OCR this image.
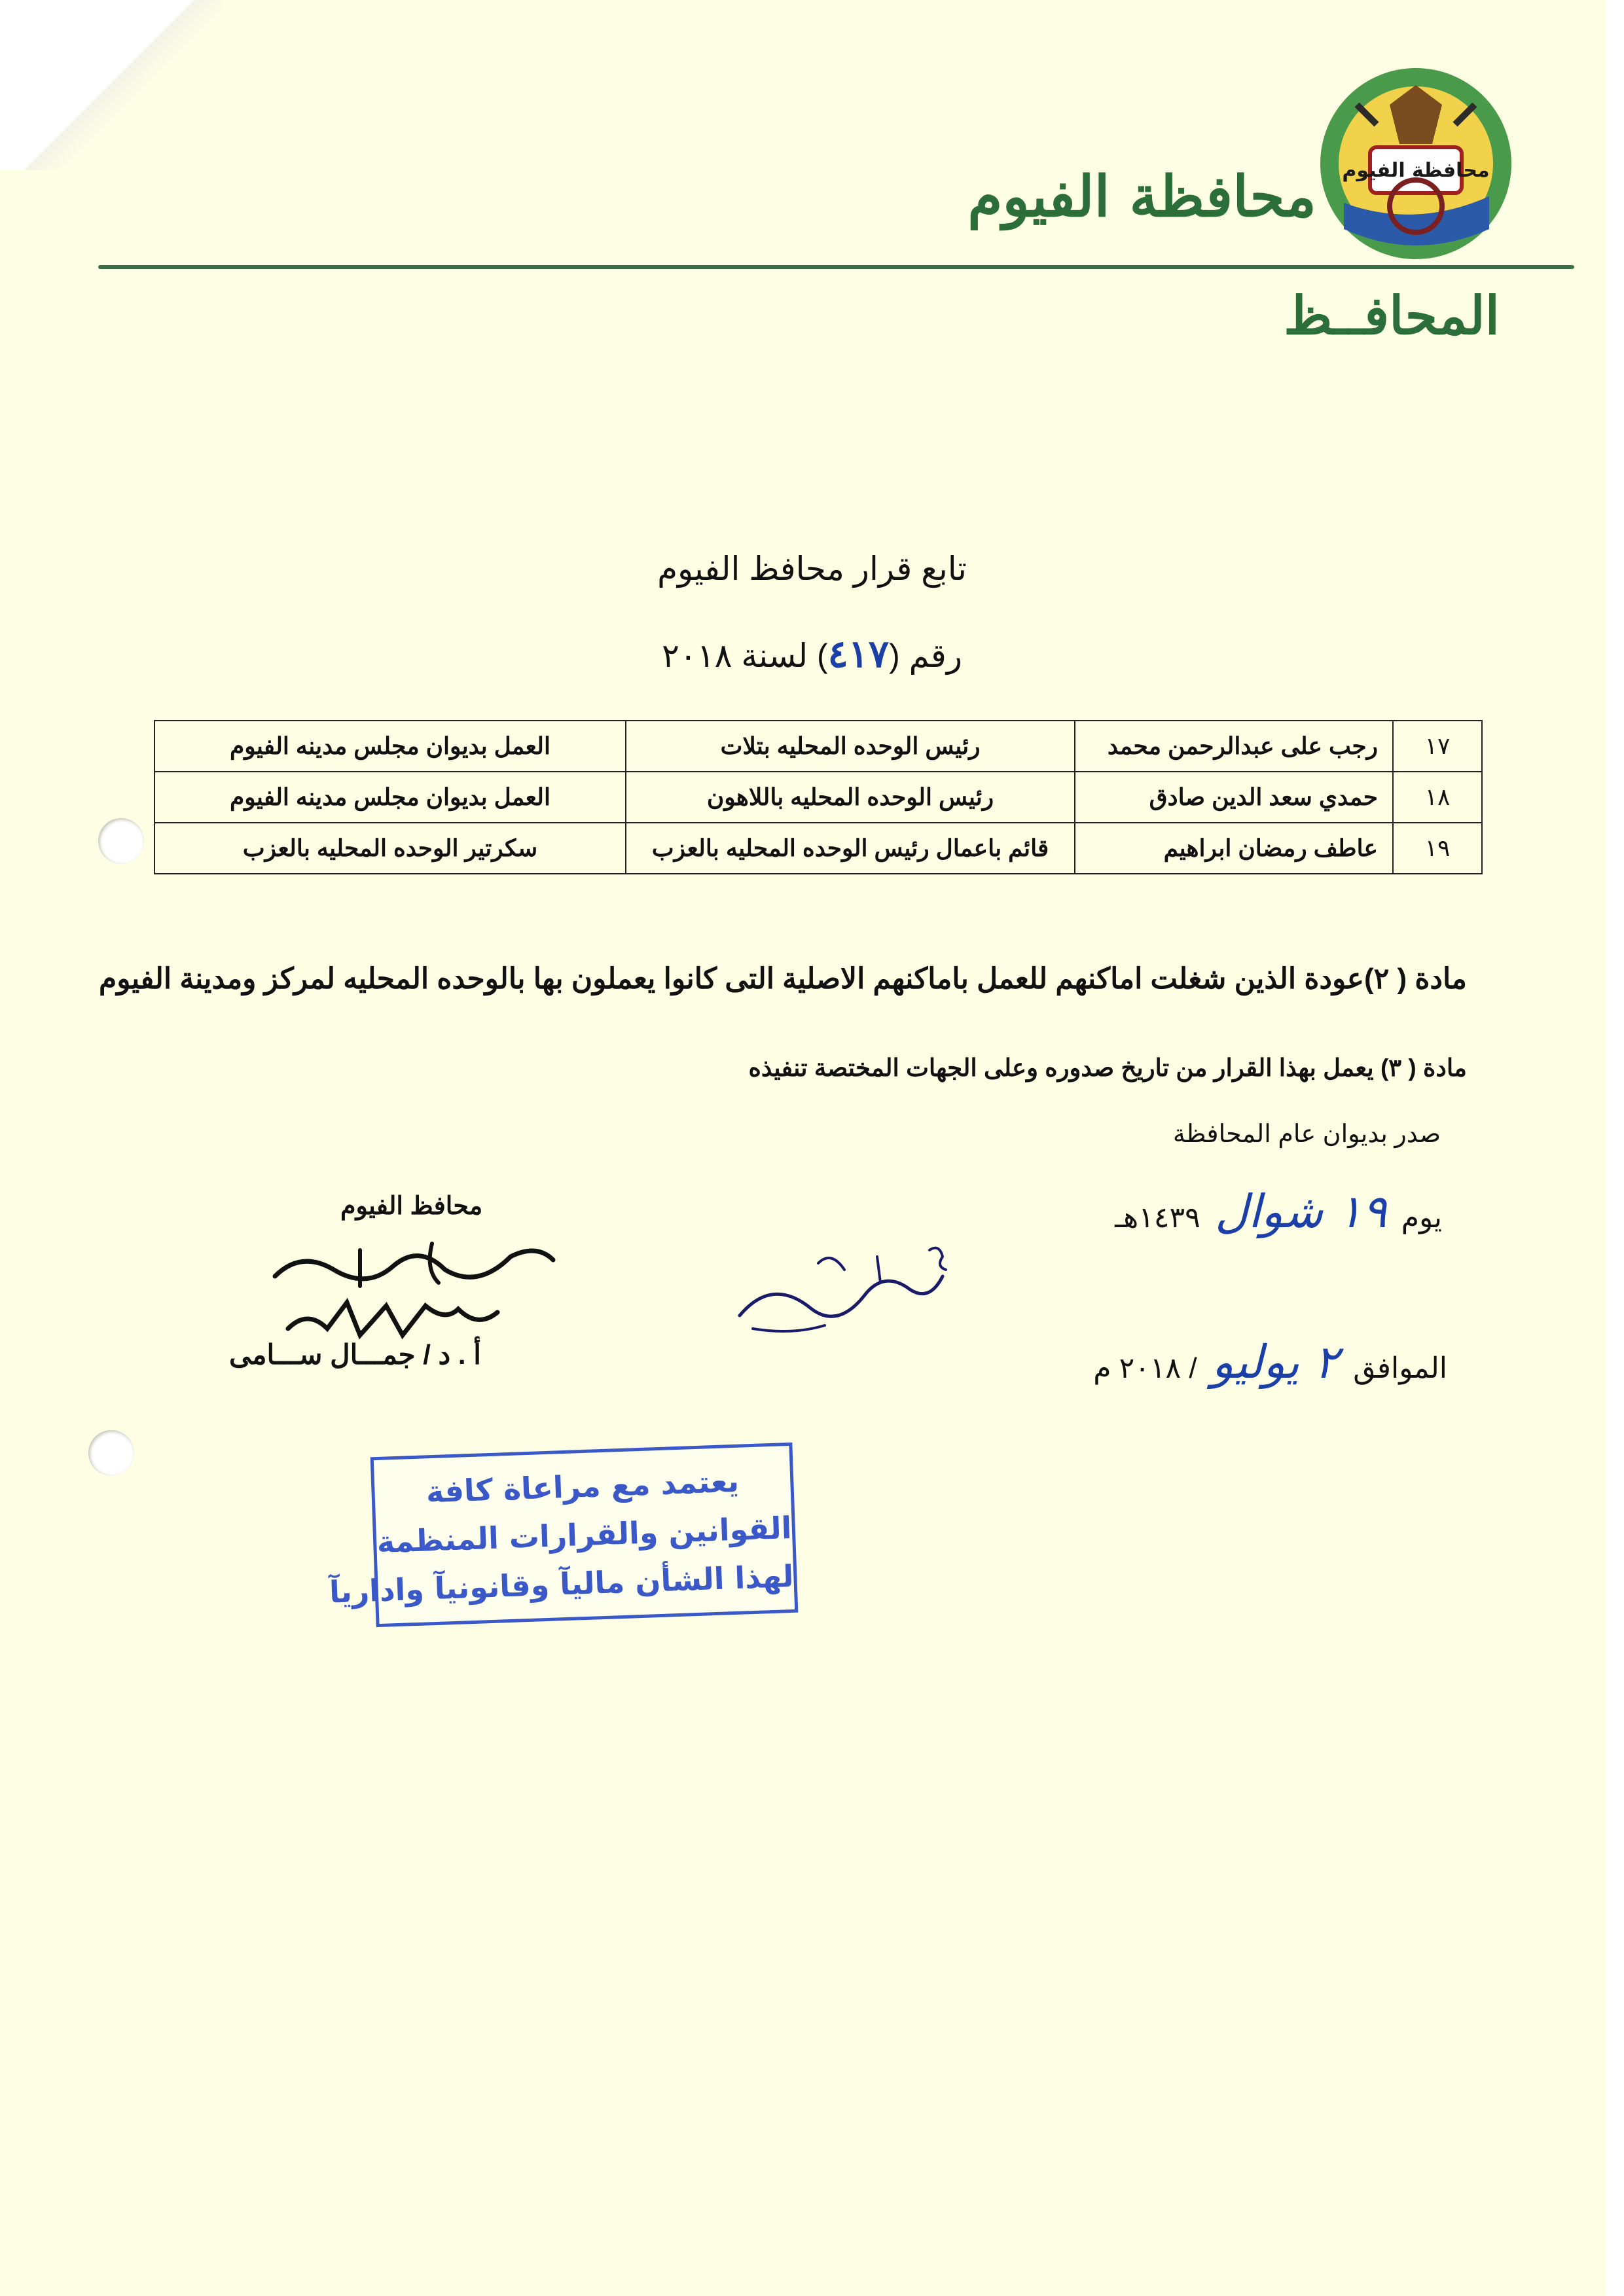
محافظة الفيوم
محافظة الفيوم
المحافــظ
تابع قرار محافظ الفيوم
رقم (٤١٧) لسنة ٢٠١٨
١٧	رجب على عبدالرحمن محمد	رئيس الوحده المحليه بتلات	العمل بديوان مجلس مدينه الفيوم
١٨	حمدي سعد الدين صادق	رئيس الوحده المحليه باللاهون	العمل بديوان مجلس مدينه الفيوم
١٩	عاطف رمضان ابراهيم	قائم باعمال رئيس الوحده المحليه بالعزب	سكرتير الوحده المحليه بالعزب
مادة ( ٢)عودة الذين شغلت اماكنهم للعمل باماكنهم الاصلية التى كانوا يعملون بها بالوحده المحليه لمركز ومدينة الفيوم
مادة ( ٣) يعمل بهذا القرار من تاريخ صدوره وعلى الجهات المختصة تنفيذه
صدر بديوان عام المحافظة
يوم ١٩ شوال ١٤٣٩هـ
الموافق ٢ يوليو / ٢٠١٨ م
محافظ الفيوم
أ . د / جمـــال ســـامى
يعتمد مع مراعاة كافة
القوانين والقرارات المنظمة
لهذا الشأن ماليآ وقانونيآ واداريآ
